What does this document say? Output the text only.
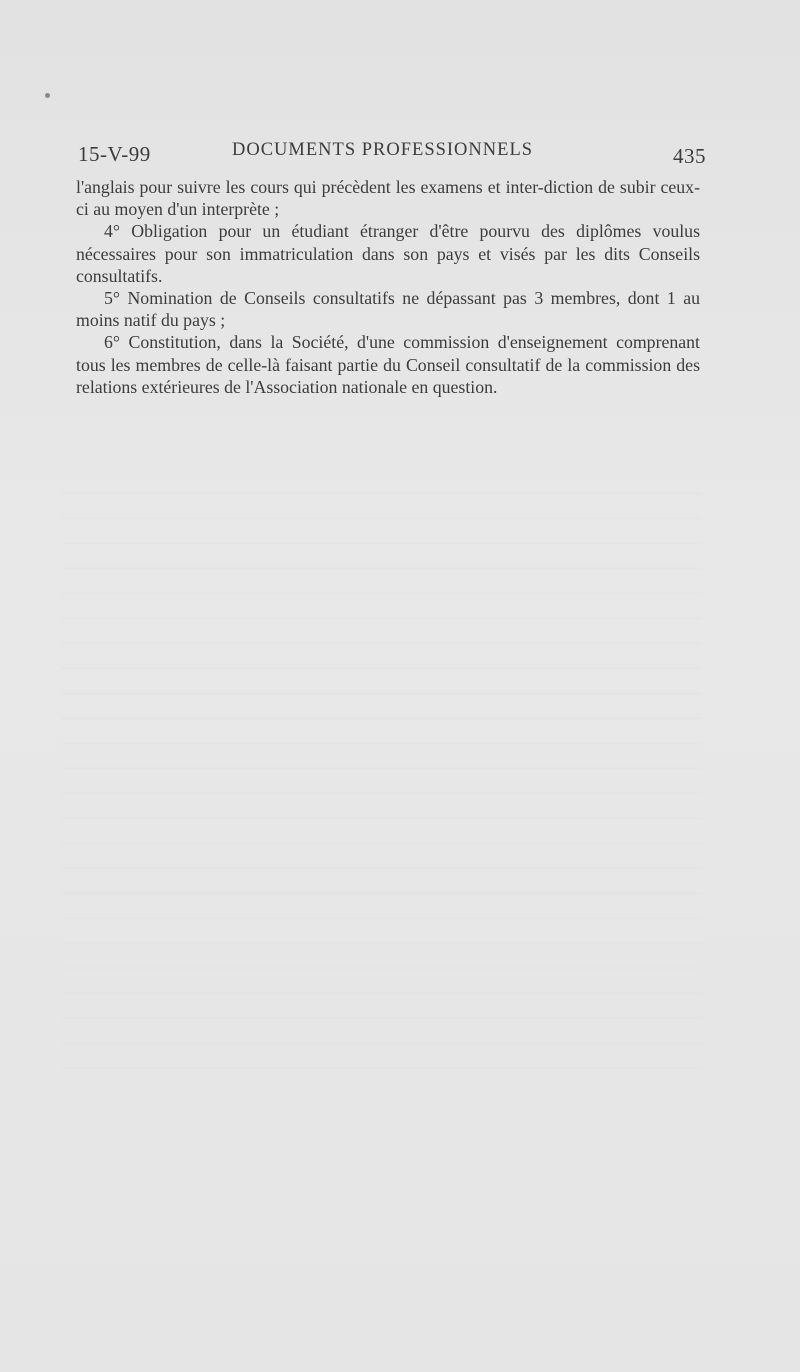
15-V-99	DOCUMENTS PROFESSIONNELS	435

l'anglais pour suivre les cours qui précèdent les examens et inter-diction de subir ceux-ci au moyen d'un interprète ;

4° Obligation pour un étudiant étranger d'être pourvu des diplômes voulus nécessaires pour son immatriculation dans son pays et visés par les dits Conseils consultatifs.

5° Nomination de Conseils consultatifs ne dépassant pas 3 membres, dont 1 au moins natif du pays ;

6° Constitution, dans la Société, d'une commission d'enseignement comprenant tous les membres de celle-là faisant partie du Conseil consultatif de la commission des relations extérieures de l'Association nationale en question.
